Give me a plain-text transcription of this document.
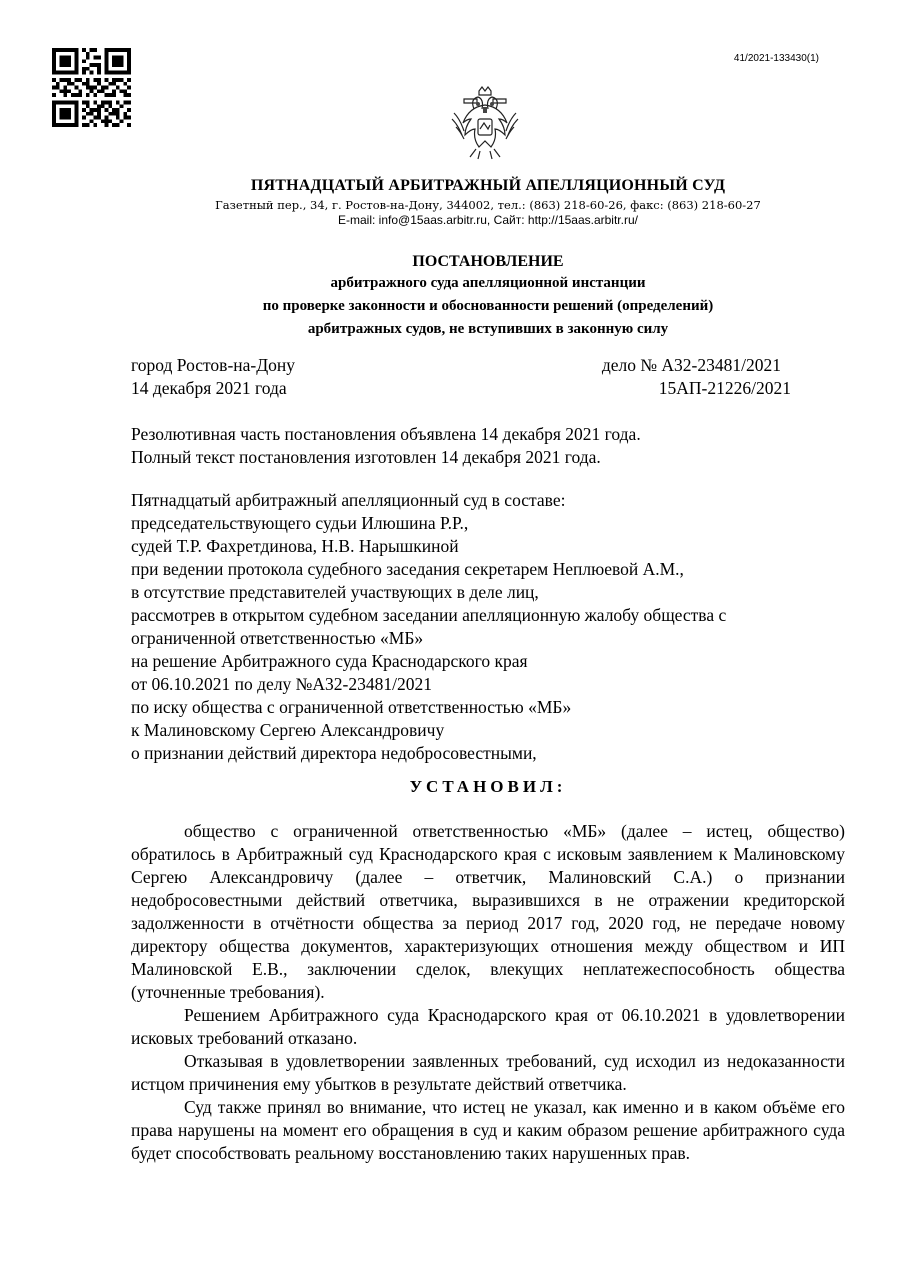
41/2021-133430(1)
ПЯТНАДЦАТЫЙ АРБИТРАЖНЫЙ АПЕЛЛЯЦИОННЫЙ СУД
Газетный пер., 34, г. Ростов-на-Дону, 344002, тел.: (863) 218-60-26, факс: (863) 218-60-27
E-mail: info@15aas.arbitr.ru, Сайт: http://15aas.arbitr.ru/
ПОСТАНОВЛЕНИЕ
арбитражного суда апелляционной инстанции
по проверке законности и обоснованности решений (определений)
арбитражных судов, не вступивших в законную силу
город Ростов-на-Дону	дело № А32-23481/2021
14 декабря 2021 года	15АП-21226/2021
Резолютивная часть постановления объявлена 14 декабря 2021 года.
Полный текст постановления изготовлен 14 декабря 2021 года.
Пятнадцатый арбитражный апелляционный суд в составе:
председательствующего судьи Илюшина Р.Р.,
судей Т.Р. Фахретдинова, Н.В. Нарышкиной
при ведении протокола судебного заседания секретарем Неплюевой А.М.,
в отсутствие представителей участвующих в деле лиц,
рассмотрев в открытом судебном заседании апелляционную жалобу общества с
ограниченной ответственностью «МБ»
на решение Арбитражного суда Краснодарского края
от 06.10.2021 по делу №А32-23481/2021
по иску общества с ограниченной ответственностью «МБ»
к Малиновскому Сергею Александровичу
о признании действий директора недобросовестными,
УСТАНОВИЛ:

общество с ограниченной ответственностью «МБ» (далее – истец, общество) обратилось в Арбитражный суд Краснодарского края с исковым заявлением к Малиновскому Сергею Александровичу (далее – ответчик, Малиновский С.А.) о признании недобросовестными действий ответчика, выразившихся в не отражении кредиторской задолженности в отчётности общества за период 2017 год, 2020 год, не передаче новому директору общества документов, характеризующих отношения между обществом и ИП Малиновской Е.В., заключении сделок, влекущих неплатежеспособность общества (уточненные требования).

Решением Арбитражного суда Краснодарского края от 06.10.2021 в удовлетворении исковых требований отказано.

Отказывая в удовлетворении заявленных требований, суд исходил из недоказанности истцом причинения ему убытков в результате действий ответчика.

Суд также принял во внимание, что истец не указал, как именно и в каком объёме его права нарушены на момент его обращения в суд и каким образом решение арбитражного суда будет способствовать реальному восстановлению таких нарушенных прав.
